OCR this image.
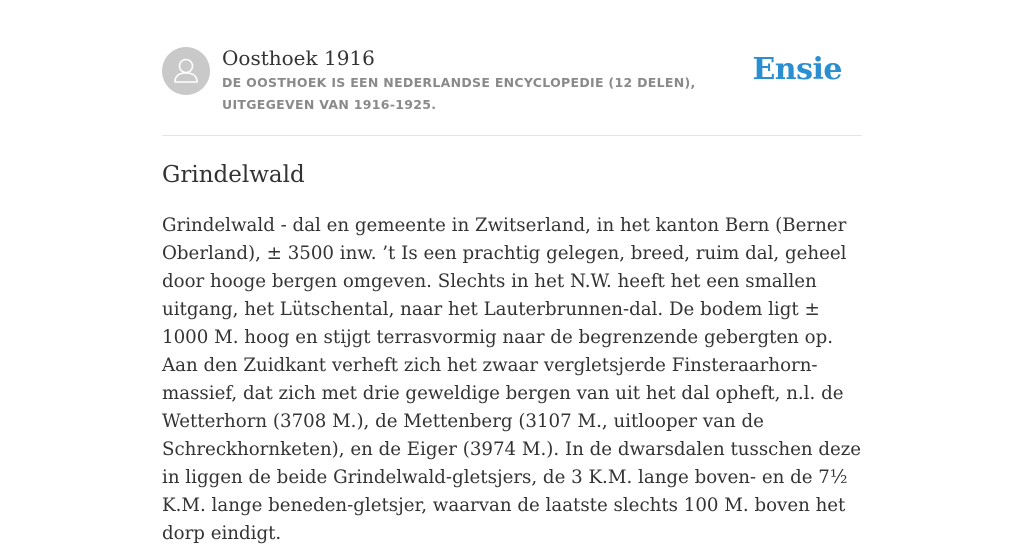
Oosthoek 1916
DE OOSTHOEK IS EEN NEDERLANDSE ENCYCLOPEDIE (12 DELEN), UITGEGEVEN VAN 1916-1925.
Ensie
Grindelwald

Grindelwald - dal en gemeente in Zwitserland, in het kanton Bern (Berner Oberland), ± 3500 inw. ’t Is een prachtig gelegen, breed, ruim dal, geheel door hooge bergen omgeven. Slechts in het N.W. heeft het een smallen uitgang, het Lütschental, naar het Lauterbrunnen-dal. De bodem ligt ± 1000 M. hoog en stijgt terrasvormig naar de begrenzende gebergten op. Aan den Zuidkant verheft zich het zwaar vergletsjerde Finsteraarhorn-massief, dat zich met drie geweldige bergen van uit het dal opheft, n.l. de Wetterhorn (3708 M.), de Mettenberg (3107 M., uitlooper van de Schreckhornketen), en de Eiger (3974 M.). In de dwarsdalen tusschen deze in liggen de beide Grindelwald-gletsjers, de 3 K.M. lange boven- en de 7½ K.M. lange beneden-gletsjer, waarvan de laatste slechts 100 M. boven het dorp eindigt.
